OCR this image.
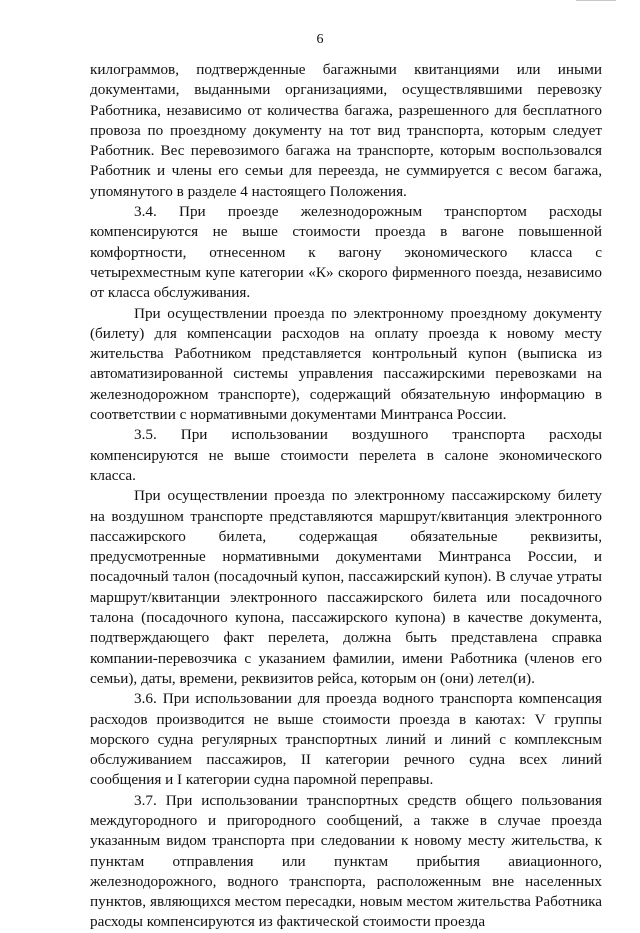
6

килограммов, подтвержденные багажными квитанциями или иными документами, выданными организациями, осуществлявшими перевозку Работника, независимо от количества багажа, разрешенного для бесплатного провоза по проездному документу на тот вид транспорта, которым следует Работник. Вес перевозимого багажа на транспорте, которым воспользовался Работник и члены его семьи для переезда, не суммируется с весом багажа, упомянутого в разделе 4 настоящего Положения.

3.4. При проезде железнодорожным транспортом расходы компенсируются не выше стоимости проезда в вагоне повышенной комфортности, отнесенном к вагону экономического класса с четырехместным купе категории «К» скорого фирменного поезда, независимо от класса обслуживания.

При осуществлении проезда по электронному проездному документу (билету) для компенсации расходов на оплату проезда к новому месту жительства Работником представляется контрольный купон (выписка из автоматизированной системы управления пассажирскими перевозками на железнодорожном транспорте), содержащий обязательную информацию в соответствии с нормативными документами Минтранса России.

3.5. При использовании воздушного транспорта расходы компенсируются не выше стоимости перелета в салоне экономического класса.

При осуществлении проезда по электронному пассажирскому билету на воздушном транспорте представляются маршрут/квитанция электронного пассажирского билета, содержащая обязательные реквизиты, предусмотренные нормативными документами Минтранса России, и посадочный талон (посадочный купон, пассажирский купон). В случае утраты маршрут/квитанции электронного пассажирского билета или посадочного талона (посадочного купона, пассажирского купона) в качестве документа, подтверждающего факт перелета, должна быть представлена справка компании-перевозчика с указанием фамилии, имени Работника (членов его семьи), даты, времени, реквизитов рейса, которым он (они) летел(и).

3.6. При использовании для проезда водного транспорта компенсация расходов производится не выше стоимости проезда в каютах: V группы морского судна регулярных транспортных линий и линий с комплексным обслуживанием пассажиров, II категории речного судна всех линий сообщения и I категории судна паромной переправы.

3.7. При использовании транспортных средств общего пользования междугородного и пригородного сообщений, а также в случае проезда указанным видом транспорта при следовании к новому месту жительства, к пунктам отправления или пунктам прибытия авиационного, железнодорожного, водного транспорта, расположенным вне населенных пунктов, являющихся местом пересадки, новым местом жительства Работника расходы компенсируются из фактической стоимости проезда
